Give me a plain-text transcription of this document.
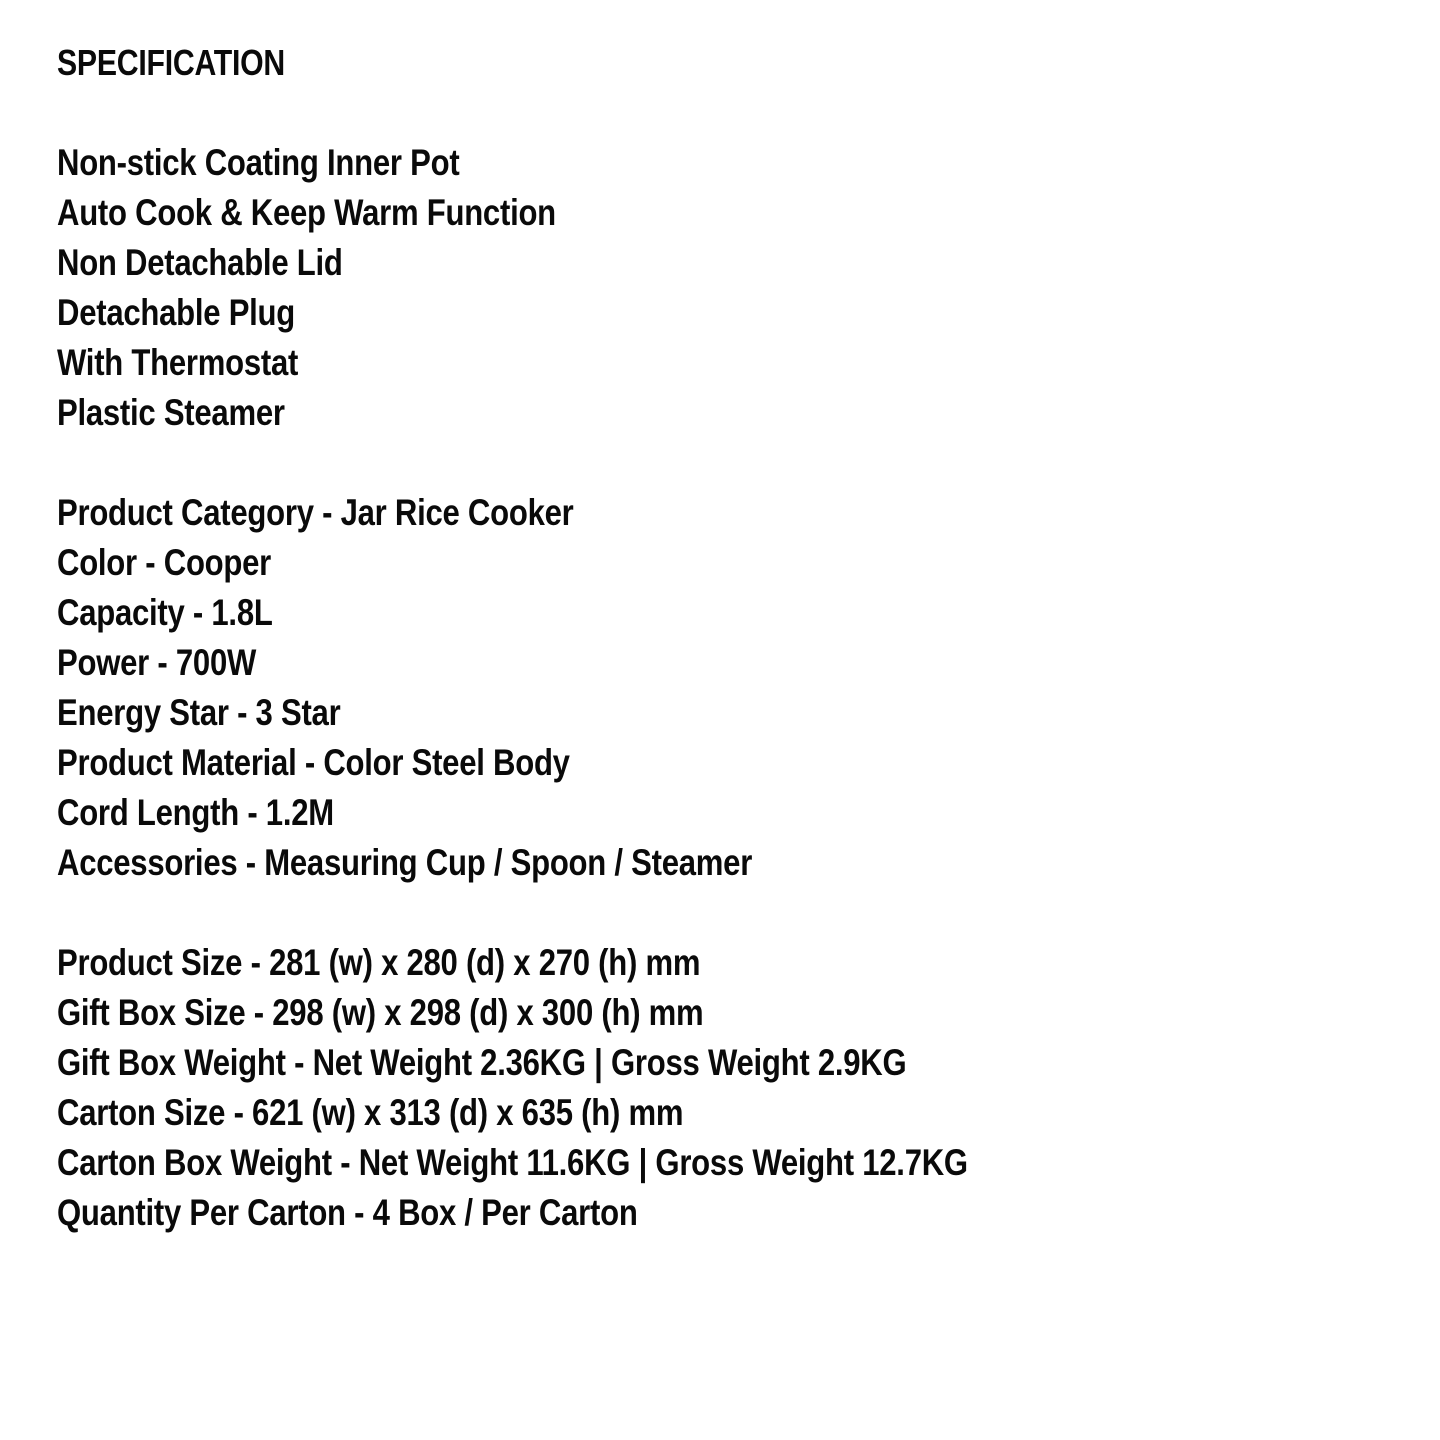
SPECIFICATION
Non-stick Coating Inner Pot
Auto Cook & Keep Warm Function
Non Detachable Lid
Detachable Plug
With Thermostat
Plastic Steamer
Product Category - Jar Rice Cooker
Color - Cooper
Capacity - 1.8L
Power - 700W
Energy Star - 3 Star
Product Material - Color Steel Body
Cord Length - 1.2M
Accessories - Measuring Cup / Spoon / Steamer
Product Size - 281 (w) x 280 (d) x 270 (h) mm
Gift Box Size - 298 (w) x 298 (d) x 300 (h) mm
Gift Box Weight - Net Weight 2.36KG | Gross Weight 2.9KG
Carton Size - 621 (w) x 313 (d) x 635 (h) mm
Carton Box Weight - Net Weight 11.6KG | Gross Weight 12.7KG
Quantity Per Carton - 4 Box / Per Carton
